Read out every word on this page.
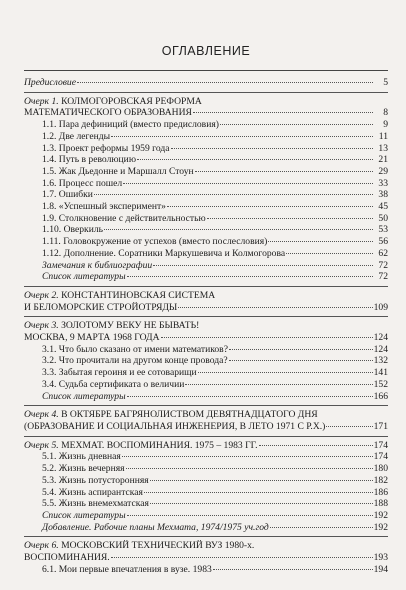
ОГЛАВЛЕНИЕ
Предисловие	5
Очерк 1. КОЛМОГОРОВСКАЯ РЕФОРМА
МАТЕМАТИЧЕСКОГО ОБРАЗОВАНИЯ	8
1.1. Пара дефиниций (вместо предисловия)	9
1.2. Две легенды	11
1.3. Проект реформы 1959 года	13
1.4. Путь в революцию	21
1.5. Жак Дьедонне и Маршалл Стоун	29
1.6. Процесс пошел	33
1.7. Ошибки	38
1.8. «Успешный эксперимент»	45
1.9. Столкновение с действительностью	50
1.10. Оверкиль	53
1.11. Головокружение от успехов (вместо послесловия)	56
1.12. Дополнение. Соратники Маркушевича и Колмогорова	62
Замечания к библиографии	72
Список литературы	72
Очерк 2. КОНСТАНТИНОВСКАЯ СИСТЕМА
И БЕЛОМОРСКИЕ СТРОЙОТРЯДЫ	109
Очерк 3. ЗОЛОТОМУ ВЕКУ НЕ БЫВАТЬ!
МОСКВА, 9 МАРТА 1968 ГОДА	124
3.1. Что было сказано от имени математиков?	124
3.2. Что прочитали на другом конце провода?	132
3.3. Забытая героиня и ее сотоварищи	141
3.4. Судьба сертификата о величии	152
Список литературы	166
Очерк 4. В ОКТЯБРЕ БАГРЯНОЛИСТВОМ ДЕВЯТНАДЦАТОГО ДНЯ
(ОБРАЗОВАНИЕ И СОЦИАЛЬНАЯ ИНЖЕНЕРИЯ, В ЛЕТО 1971 С Р.Х.)	171
Очерк 5. МЕХМАТ. ВОСПОМИНАНИЯ. 1975 – 1983 ГГ.	174
5.1. Жизнь дневная	174
5.2. Жизнь вечерняя	180
5.3. Жизнь потусторонняя	182
5.4. Жизнь аспирантская	186
5.5. Жизнь внемехматская	188
Список литературы	192
Добавление. Рабочие планы Мехмата, 1974/1975 уч.год	192
Очерк 6. МОСКОВСКИЙ ТЕХНИЧЕСКИЙ ВУЗ 1980-х.
ВОСПОМИНАНИЯ.	193
6.1. Мои первые впечатления в вузе. 1983	194
